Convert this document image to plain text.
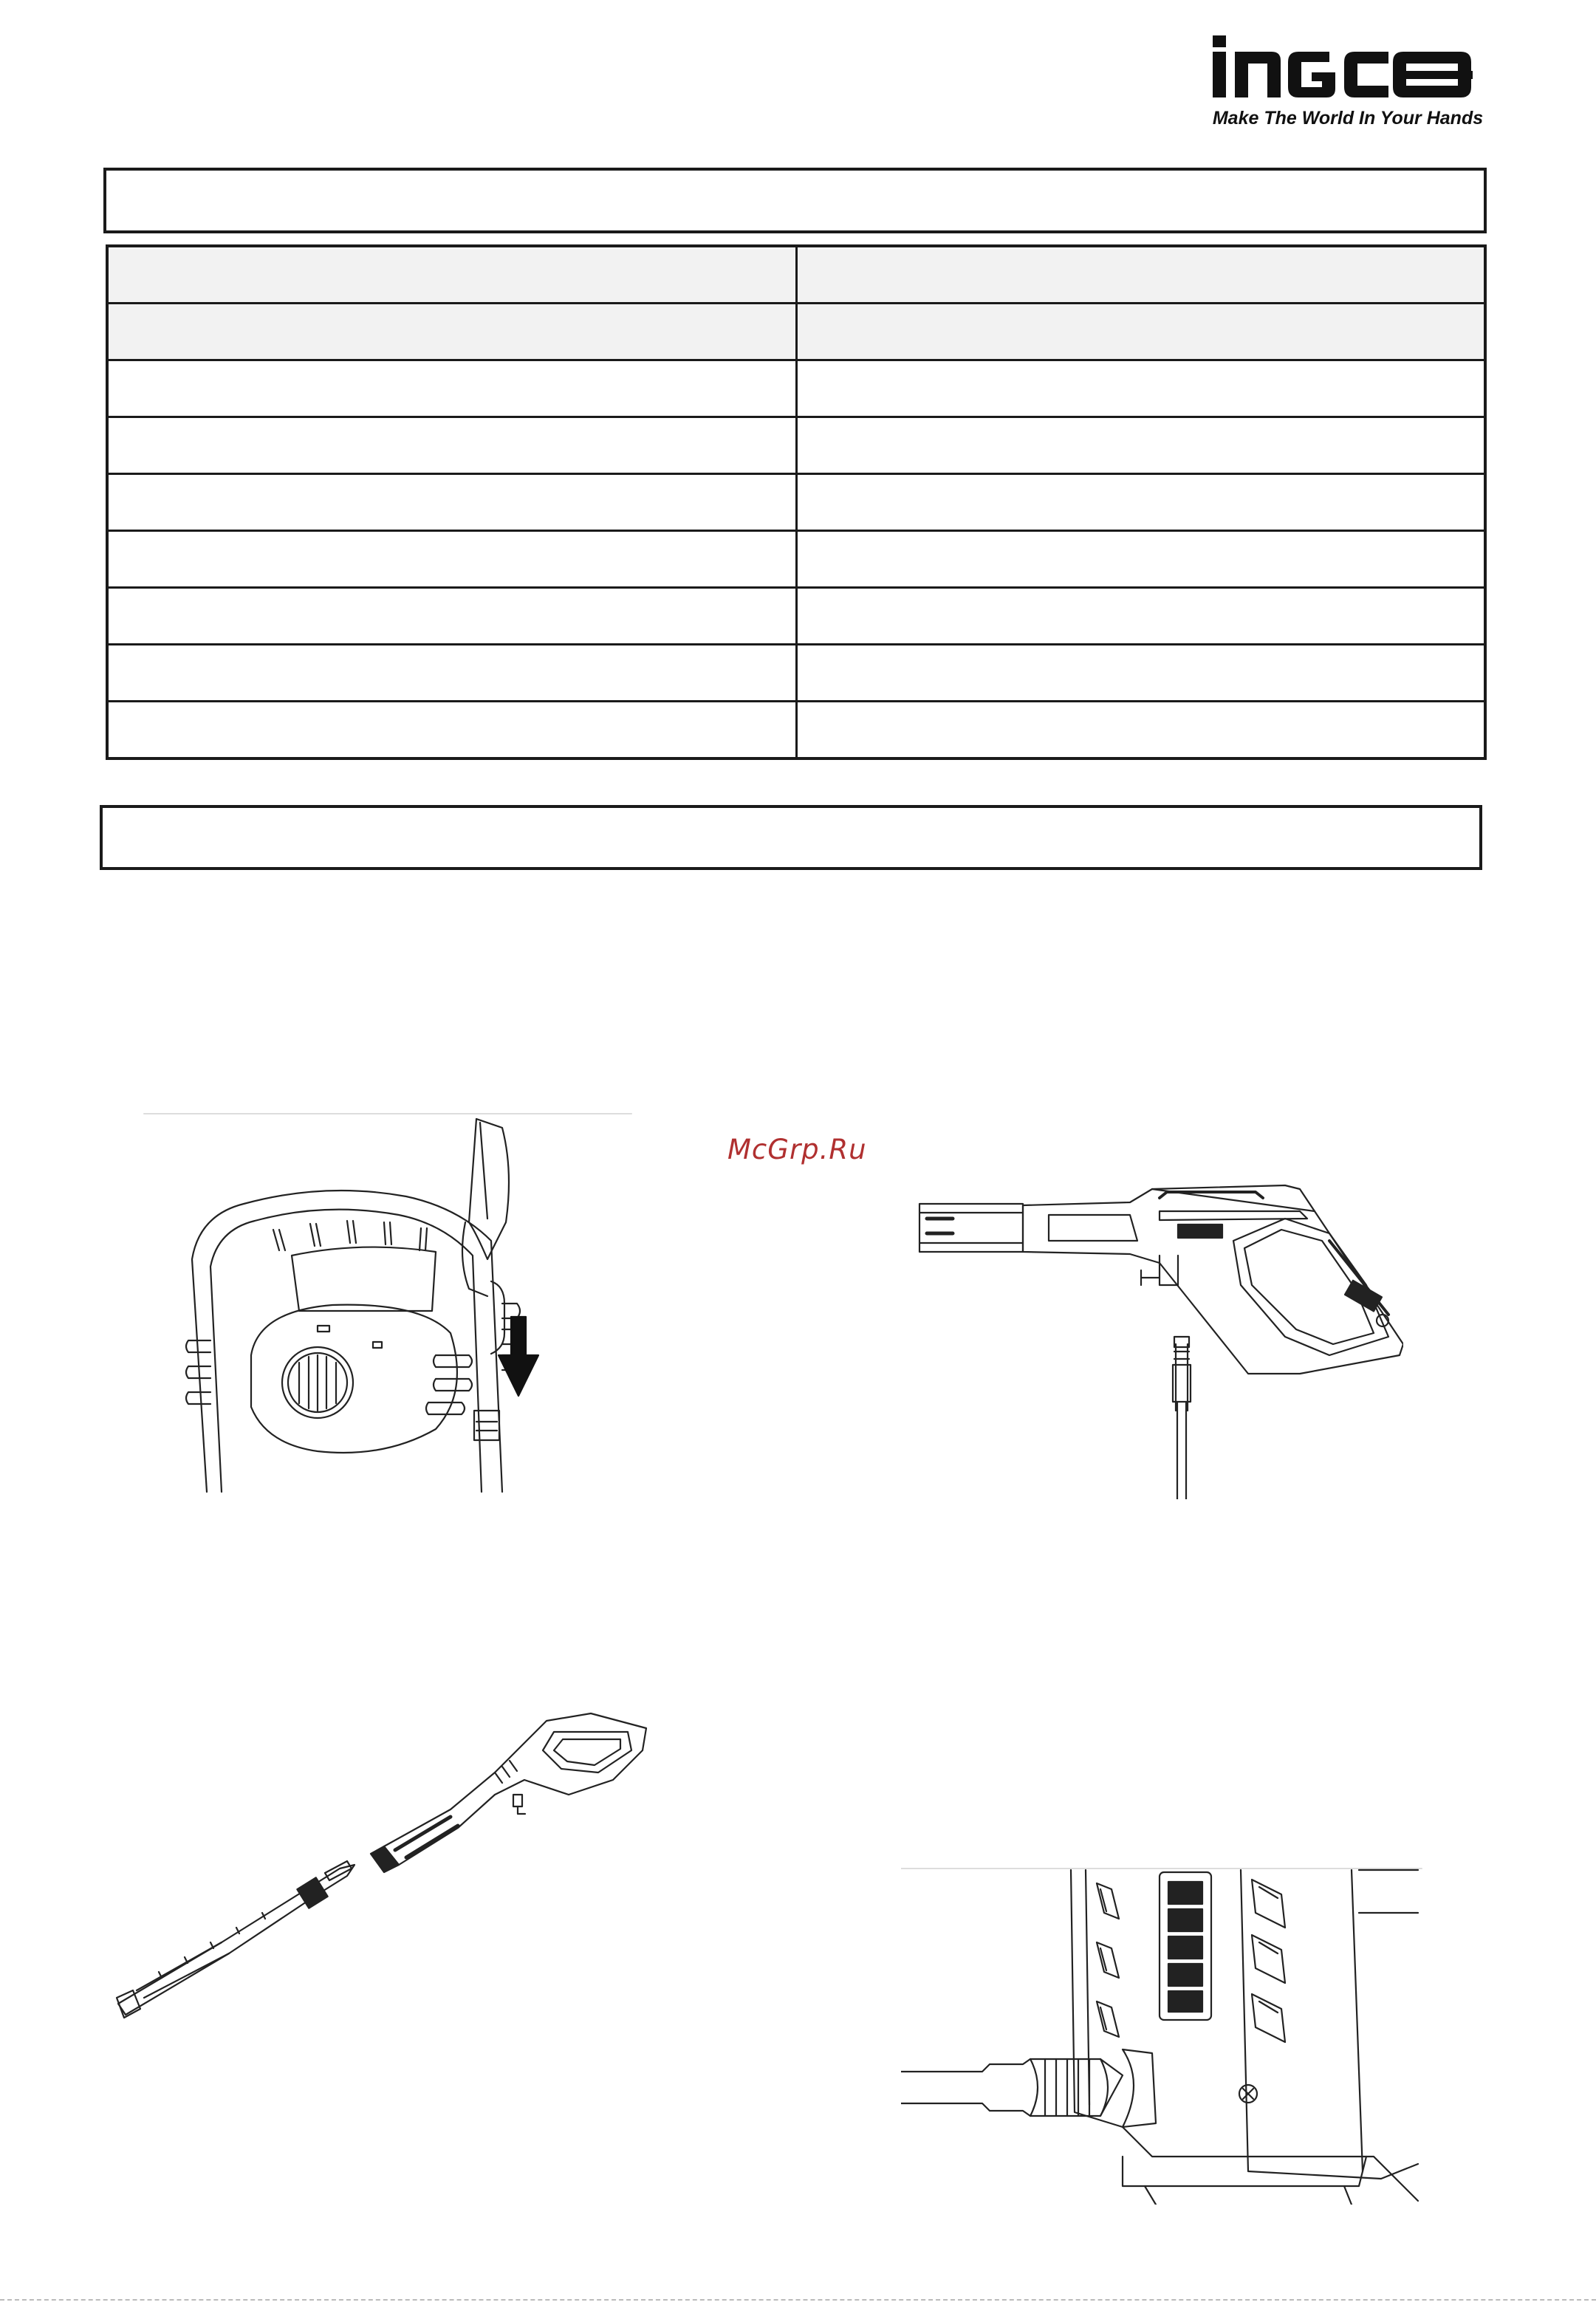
Make The World In Your Hands
McGrp.Ru
